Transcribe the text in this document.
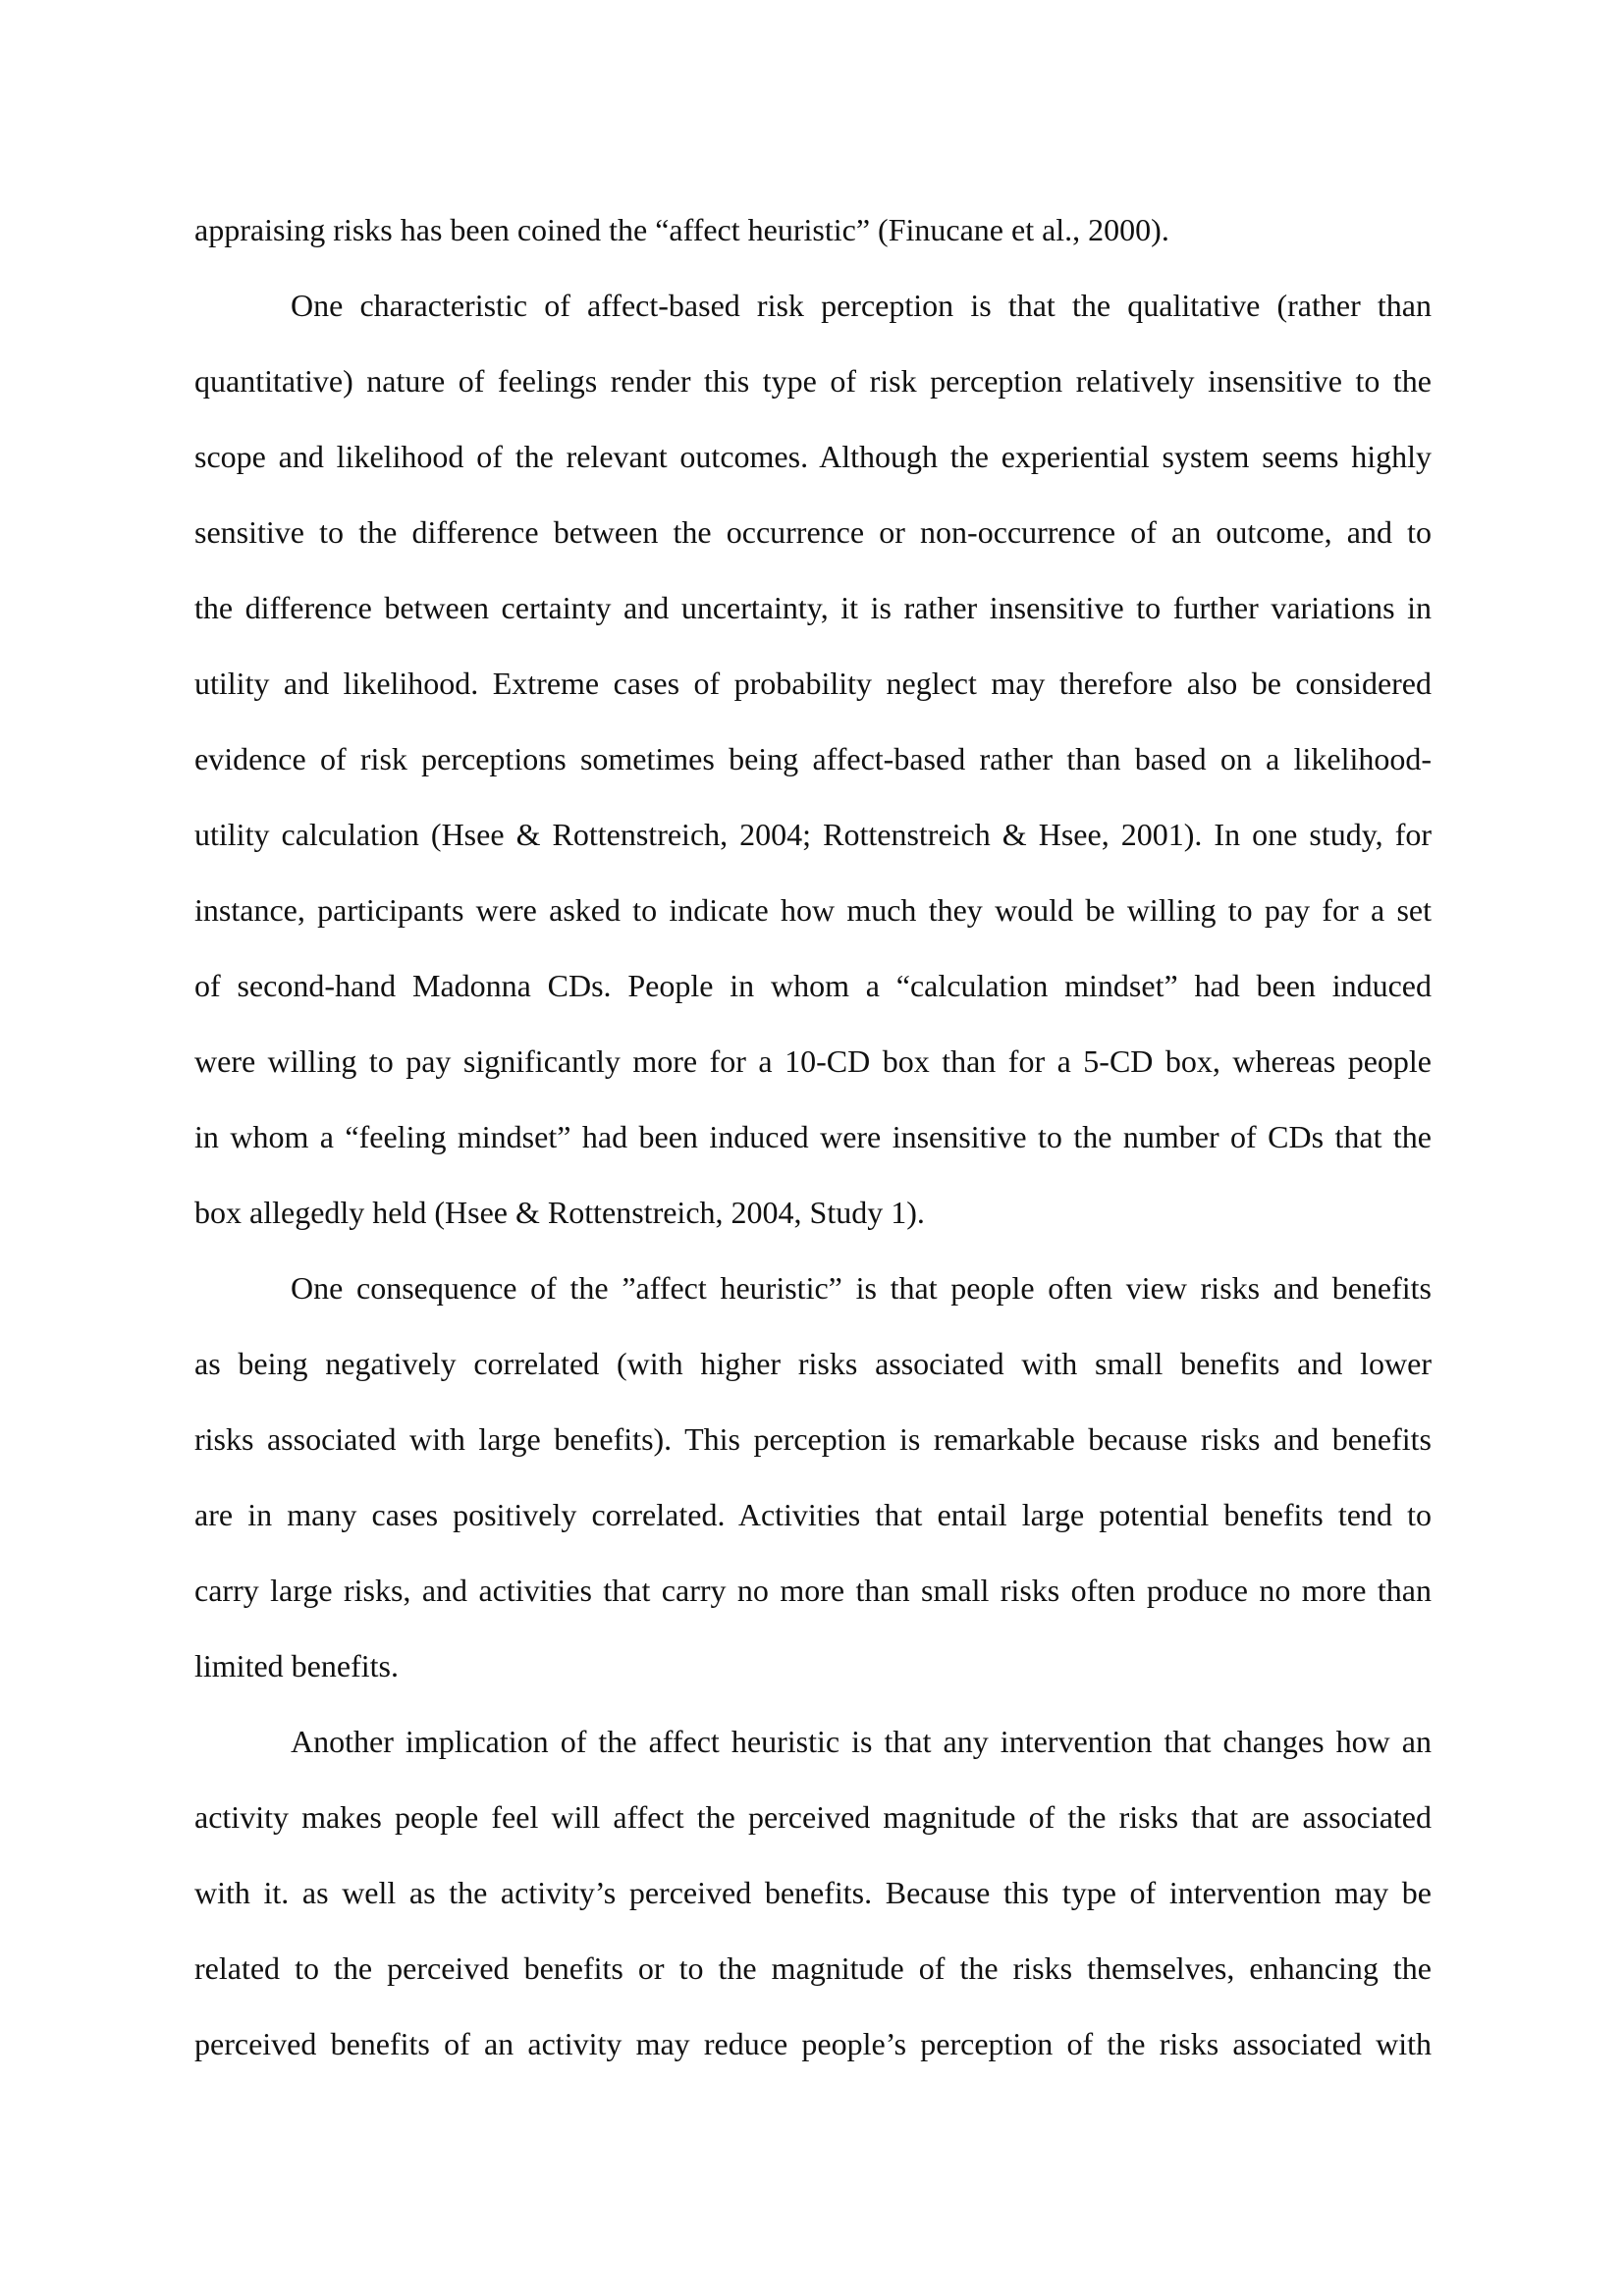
appraising risks has been coined the “affect heuristic” (Finucane et al., 2000).
One characteristic of affect-based risk perception is that the qualitative (rather than
quantitative) nature of feelings render this type of risk perception relatively insensitive to the
scope and likelihood of the relevant outcomes. Although the experiential system seems highly
sensitive to the difference between the occurrence or non-occurrence of an outcome, and to
the difference between certainty and uncertainty, it is rather insensitive to further variations in
utility and likelihood. Extreme cases of probability neglect may therefore also be considered
evidence of risk perceptions sometimes being affect-based rather than based on a likelihood-
utility calculation (Hsee & Rottenstreich, 2004; Rottenstreich & Hsee, 2001). In one study, for
instance, participants were asked to indicate how much they would be willing to pay for a set
of second-hand Madonna CDs. People in whom a “calculation mindset” had been induced
were willing to pay significantly more for a 10-CD box than for a 5-CD box, whereas people
in whom a “feeling mindset” had been induced were insensitive to the number of CDs that the
box allegedly held (Hsee & Rottenstreich, 2004, Study 1).
One consequence of the ”affect heuristic” is that people often view risks and benefits
as being negatively correlated (with higher risks associated with small benefits and lower
risks associated with large benefits). This perception is remarkable because risks and benefits
are in many cases positively correlated. Activities that entail large potential benefits tend to
carry large risks, and activities that carry no more than small risks often produce no more than
limited benefits.
Another implication of the affect heuristic is that any intervention that changes how an
activity makes people feel will affect the perceived magnitude of the risks that are associated
with it. as well as the activity’s perceived benefits. Because this type of intervention may be
related to the perceived benefits or to the magnitude of the risks themselves, enhancing the
perceived benefits of an activity may reduce people’s perception of the risks associated with
